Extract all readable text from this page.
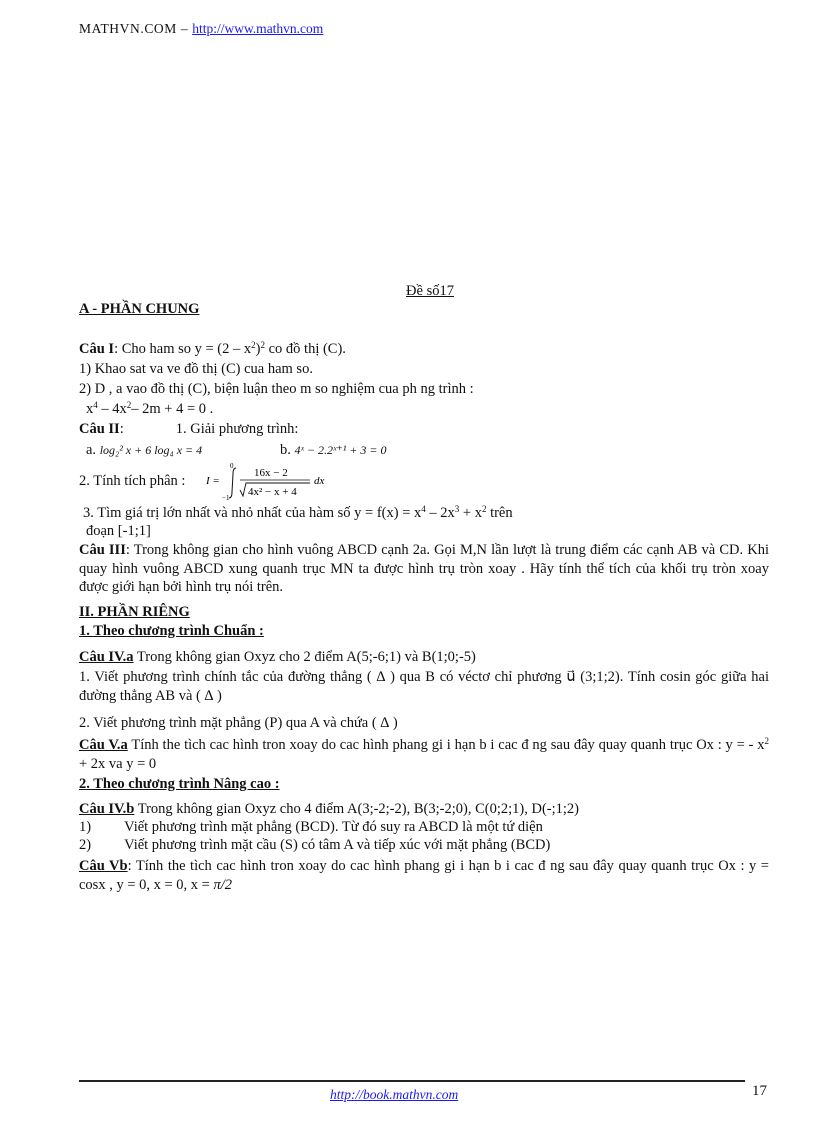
MATHVN.COM – http://www.mathvn.com
Đề số17
A - PHẦN CHUNG
Câu I: Cho ham so $y = (2 - x^2)^2$ co đồ thị (C).
1) Khao sat va ve đồ thị (C) cua ham so.
2) D , a vao đồ thị (C), biện luận theo m so nghiệm cua ph ng trình :
$x^4 - 4x^2-$ 2m + 4 = 0 .
Câu II:	1. Giải phương trình:
a. log₂² x + 6 log₄ x = 4	b. 4ˣ − 2.2ˣ⁺¹ + 3 = 0
2. Tính tích phân : I =
0
−1
16x − 2
4x² − x + 4
dx
3. Tìm giá trị lớn nhất và nhỏ nhất của hàm số $y = f(x) = x^4 - 2x^3 + x^2$ trên
đoạn [-1;1]
Câu III: Trong không gian cho hình vuông ABCD cạnh 2a. Gọi M,N lần lượt là trung điểm các cạnh AB và CD. Khi quay hình vuông ABCD xung quanh trục MN ta được hình trụ tròn xoay . Hãy tính thể tích của khối trụ tròn xoay được giới hạn bởi hình trụ nói trên.
II. PHẦN RIÊNG
1. Theo chương trình Chuẩn :
Câu IV.a Trong không gian Oxyz cho 2 điểm A(5;-6;1) và B(1;0;-5)
1. Viết phương trình chính tắc của đường thẳng ( ∆ ) qua B có véctơ chỉ phương u⃗ (3;1;2). Tính cosin góc giữa hai đường thẳng AB và ( ∆ )
2. Viết phương trình mặt phẳng (P) qua A và chứa ( ∆ )
Câu V.a Tính the tìch cac hình tron xoay do cac hình phang gi i hạn b i cac đ ng sau đây quay quanh trục Ox : y = - $x^2 + 2x$ va y = 0
2. Theo chương trình Nâng cao :
Câu IV.b Trong không gian Oxyz cho 4 điểm A(3;-2;-2), B(3;-2;0), C(0;2;1), D(-;1;2)
1) Viết phương trình mặt phẳng (BCD). Từ đó suy ra ABCD là một tứ diện
2) Viết phương trình mặt cầu (S) có tâm A và tiếp xúc với mặt phẳng (BCD)
Câu Vb: Tính the tìch cac hình tron xoay do cac hình phang gi i hạn b i cac đ ng sau đây quay quanh trục Ox : y = cosx , y = 0, x = 0, x = π/2
http://book.mathvn.com	17
